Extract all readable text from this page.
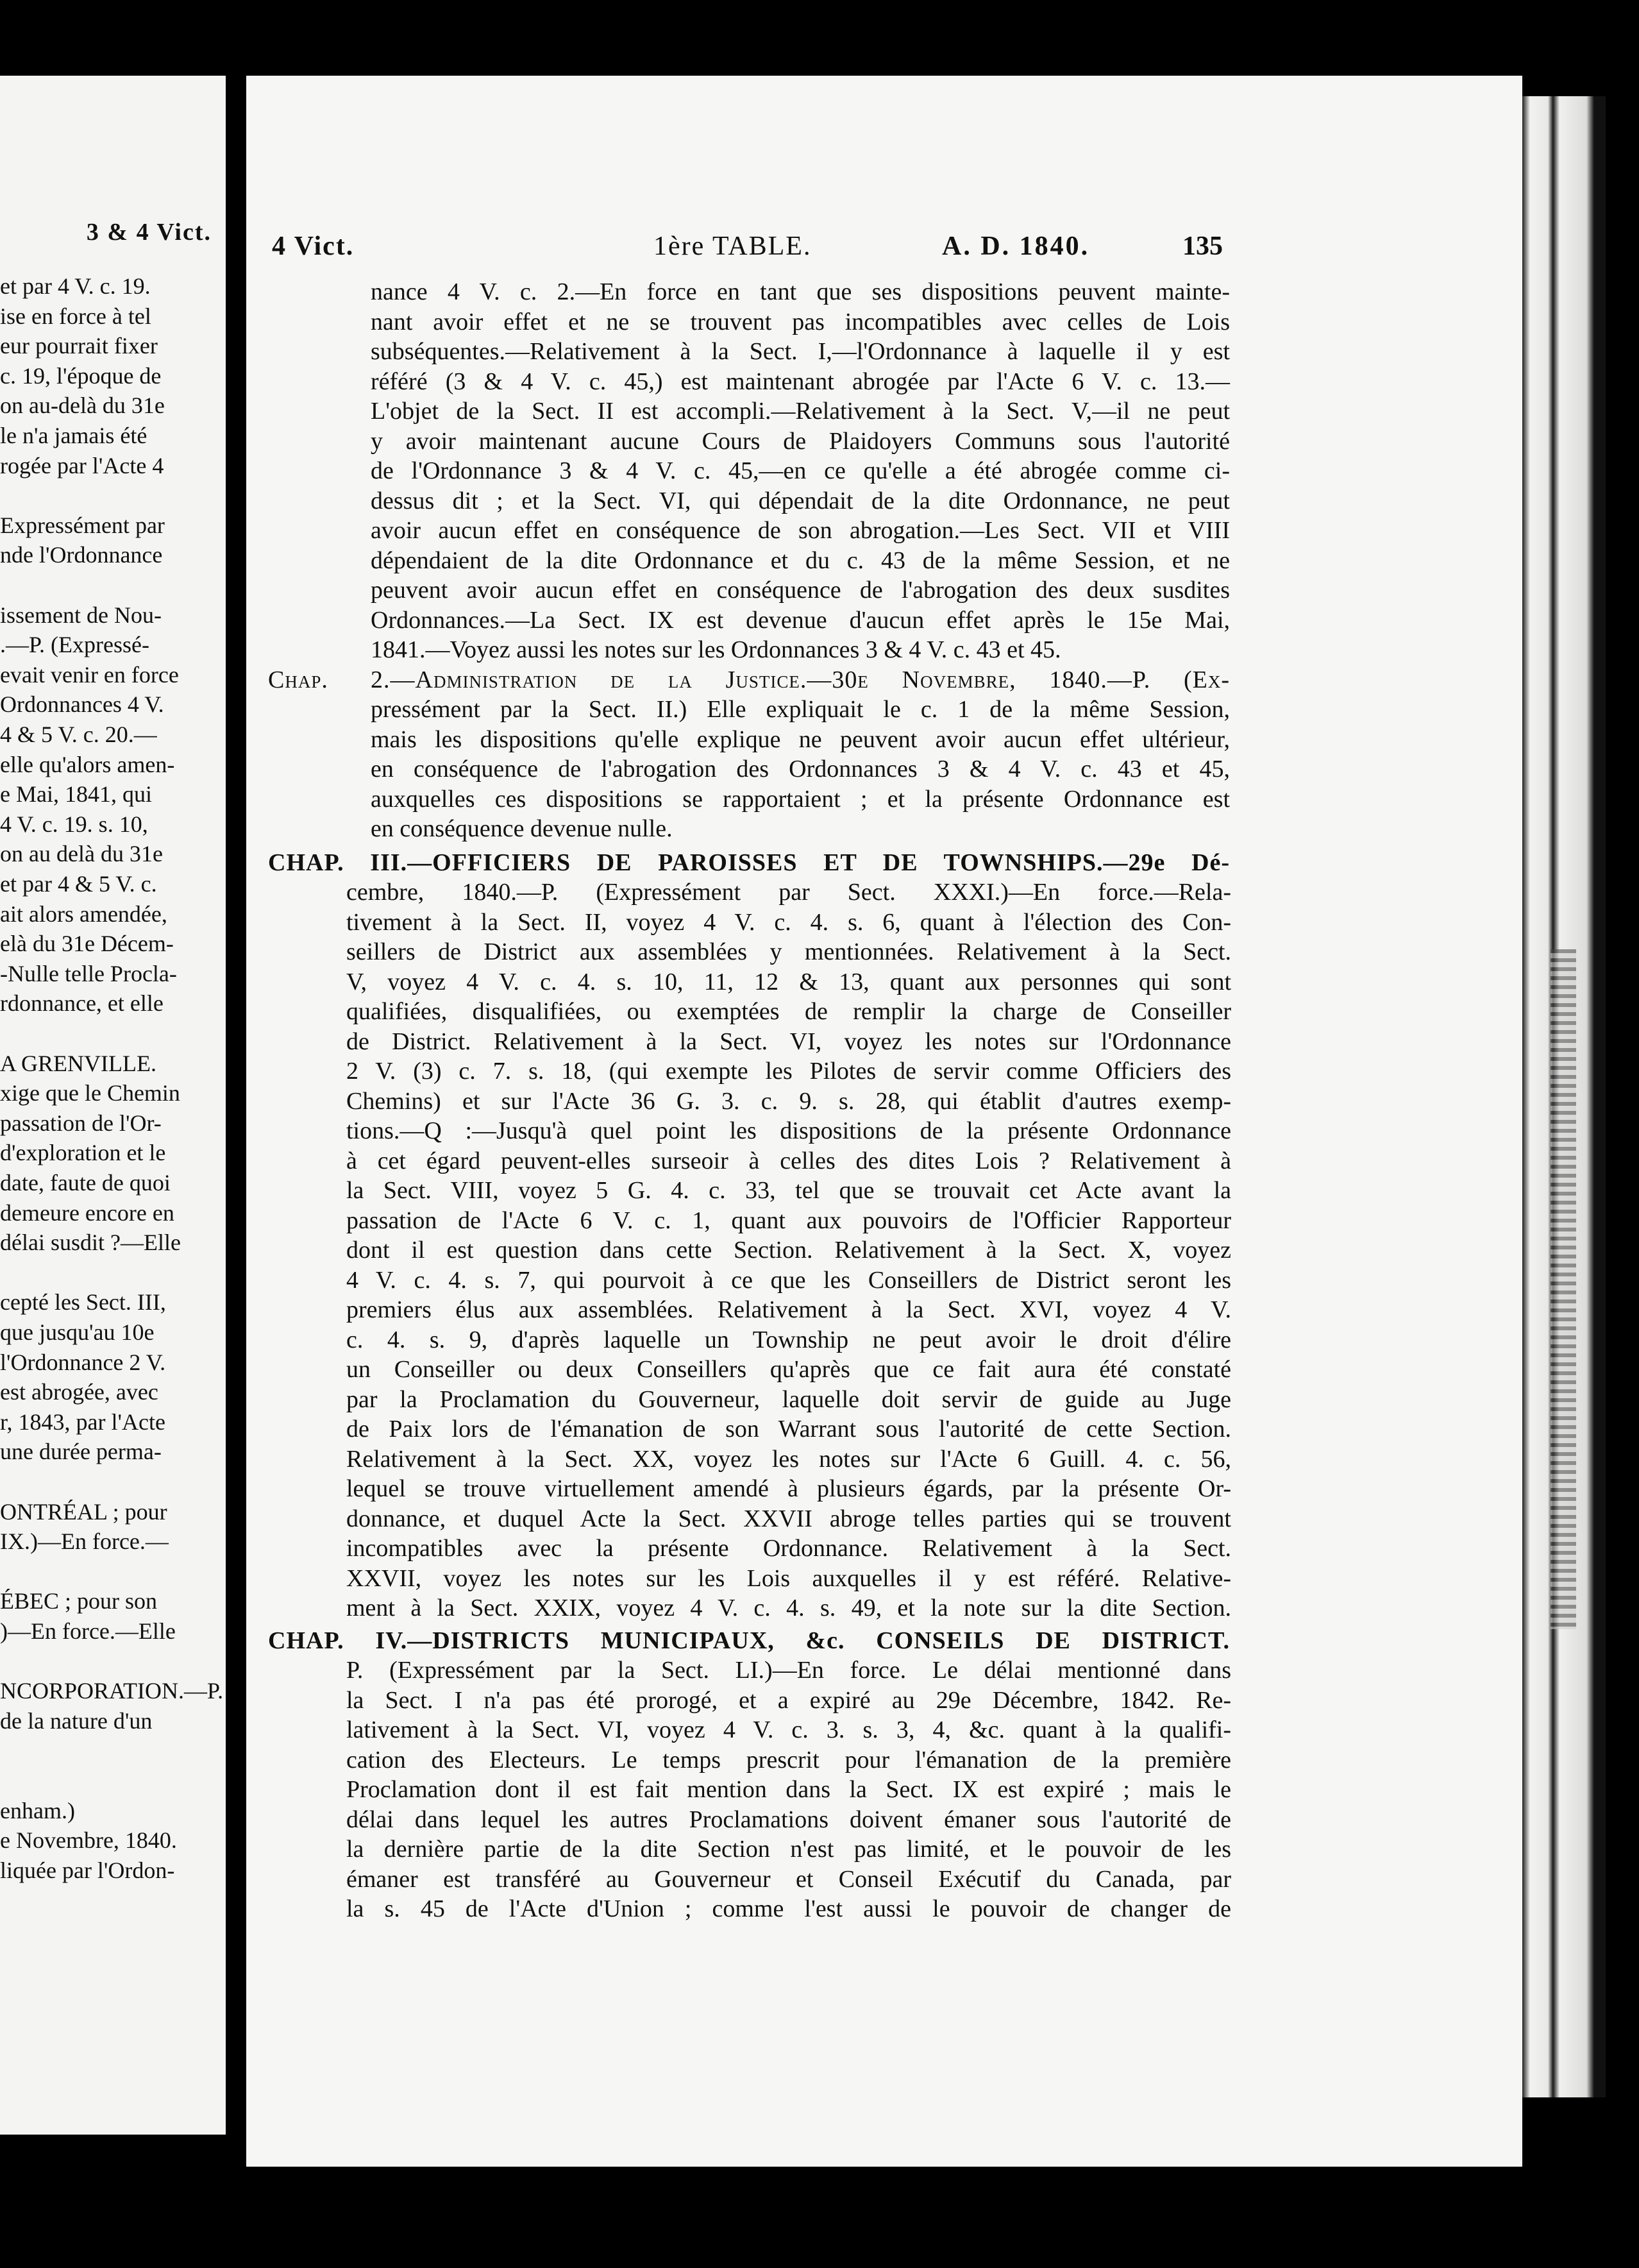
3 & 4 Vict.
et par 4 V. c. 19.
ise en force à tel
eur pourrait fixer
c. 19, l'époque de
on au-delà du 31e
le n'a jamais été
rogée par l'Acte 4
Expressément par
nde l'Ordonnance
issement de Nou-
.—P. (Expressé-
evait venir en force
Ordonnances 4 V.
4 & 5 V. c. 20.—
elle qu'alors amen-
e Mai, 1841, qui
4 V. c. 19. s. 10,
on au delà du 31e
et par 4 & 5 V. c.
ait alors amendée,
elà du 31e Décem-
-Nulle telle Procla-
rdonnance, et elle
A GRENVILLE.
xige que le Chemin
passation de l'Or-
d'exploration et le
date, faute de quoi
demeure encore en
délai susdit ?—Elle
cepté les Sect. III,
que jusqu'au 10e
l'Ordonnance 2 V.
est abrogée, avec
r, 1843, par l'Acte
une durée perma-
ONTRÉAL ; pour
IX.)—En force.—
ÉBEC ; pour son
)—En force.—Elle
NCORPORATION.—P.
de la nature d'un
enham.)
e Novembre, 1840.
liquée par l'Ordon-
4 Vict.	1ère TABLE.	A. D. 1840.	135
nance 4 V. c. 2.—En force en tant que ses dispositions peuvent mainte-
nant avoir effet et ne se trouvent pas incompatibles avec celles de Lois
subséquentes.—Relativement à la Sect. I,—l'Ordonnance à laquelle il y est
référé (3 & 4 V. c. 45,) est maintenant abrogée par l'Acte 6 V. c. 13.—
L'objet de la Sect. II est accompli.—Relativement à la Sect. V,—il ne peut
y avoir maintenant aucune Cours de Plaidoyers Communs sous l'autorité
de l'Ordonnance 3 & 4 V. c. 45,—en ce qu'elle a été abrogée comme ci-
dessus dit ; et la Sect. VI, qui dépendait de la dite Ordonnance, ne peut
avoir aucun effet en conséquence de son abrogation.—Les Sect. VII et VIII
dépendaient de la dite Ordonnance et du c. 43 de la même Session, et ne
peuvent avoir aucun effet en conséquence de l'abrogation des deux susdites
Ordonnances.—La Sect. IX est devenue d'aucun effet après le 15e Mai,
1841.—Voyez aussi les notes sur les Ordonnances 3 & 4 V. c. 43 et 45.
Chap.	2.—Administration de la Justice.—30e Novembre, 1840.—P. (Ex-
pressément par la Sect. II.) Elle expliquait le c. 1 de la même Session,
mais les dispositions qu'elle explique ne peuvent avoir aucun effet ultérieur,
en conséquence de l'abrogation des Ordonnances 3 & 4 V. c. 43 et 45,
auxquelles ces dispositions se rapportaient ; et la présente Ordonnance est
en conséquence devenue nulle.
CHAP. III.—OFFICIERS DE PAROISSES ET DE TOWNSHIPS.—29e Dé-
cembre, 1840.—P. (Expressément par Sect. XXXI.)—En force.—Rela-
tivement à la Sect. II, voyez 4 V. c. 4. s. 6, quant à l'élection des Con-
seillers de District aux assemblées y mentionnées. Relativement à la Sect.
V, voyez 4 V. c. 4. s. 10, 11, 12 & 13, quant aux personnes qui sont
qualifiées, disqualifiées, ou exemptées de remplir la charge de Conseiller
de District. Relativement à la Sect. VI, voyez les notes sur l'Ordonnance
2 V. (3) c. 7. s. 18, (qui exempte les Pilotes de servir comme Officiers des
Chemins) et sur l'Acte 36 G. 3. c. 9. s. 28, qui établit d'autres exemp-
tions.—Q :—Jusqu'à quel point les dispositions de la présente Ordonnance
à cet égard peuvent-elles surseoir à celles des dites Lois ? Relativement à
la Sect. VIII, voyez 5 G. 4. c. 33, tel que se trouvait cet Acte avant la
passation de l'Acte 6 V. c. 1, quant aux pouvoirs de l'Officier Rapporteur
dont il est question dans cette Section. Relativement à la Sect. X, voyez
4 V. c. 4. s. 7, qui pourvoit à ce que les Conseillers de District seront les
premiers élus aux assemblées. Relativement à la Sect. XVI, voyez 4 V.
c. 4. s. 9, d'après laquelle un Township ne peut avoir le droit d'élire
un Conseiller ou deux Conseillers qu'après que ce fait aura été constaté
par la Proclamation du Gouverneur, laquelle doit servir de guide au Juge
de Paix lors de l'émanation de son Warrant sous l'autorité de cette Section.
Relativement à la Sect. XX, voyez les notes sur l'Acte 6 Guill. 4. c. 56,
lequel se trouve virtuellement amendé à plusieurs égards, par la présente Or-
donnance, et duquel Acte la Sect. XXVII abroge telles parties qui se trouvent
incompatibles avec la présente Ordonnance. Relativement à la Sect.
XXVII, voyez les notes sur les Lois auxquelles il y est référé. Relative-
ment à la Sect. XXIX, voyez 4 V. c. 4. s. 49, et la note sur la dite Section.
CHAP. IV.—DISTRICTS MUNICIPAUX, &c. CONSEILS DE DISTRICT.
P. (Expressément par la Sect. LI.)—En force. Le délai mentionné dans
la Sect. I n'a pas été prorogé, et a expiré au 29e Décembre, 1842. Re-
lativement à la Sect. VI, voyez 4 V. c. 3. s. 3, 4, &c. quant à la qualifi-
cation des Electeurs. Le temps prescrit pour l'émanation de la première
Proclamation dont il est fait mention dans la Sect. IX est expiré ; mais le
délai dans lequel les autres Proclamations doivent émaner sous l'autorité de
la dernière partie de la dite Section n'est pas limité, et le pouvoir de les
émaner est transféré au Gouverneur et Conseil Exécutif du Canada, par
la s. 45 de l'Acte d'Union ; comme l'est aussi le pouvoir de changer de
